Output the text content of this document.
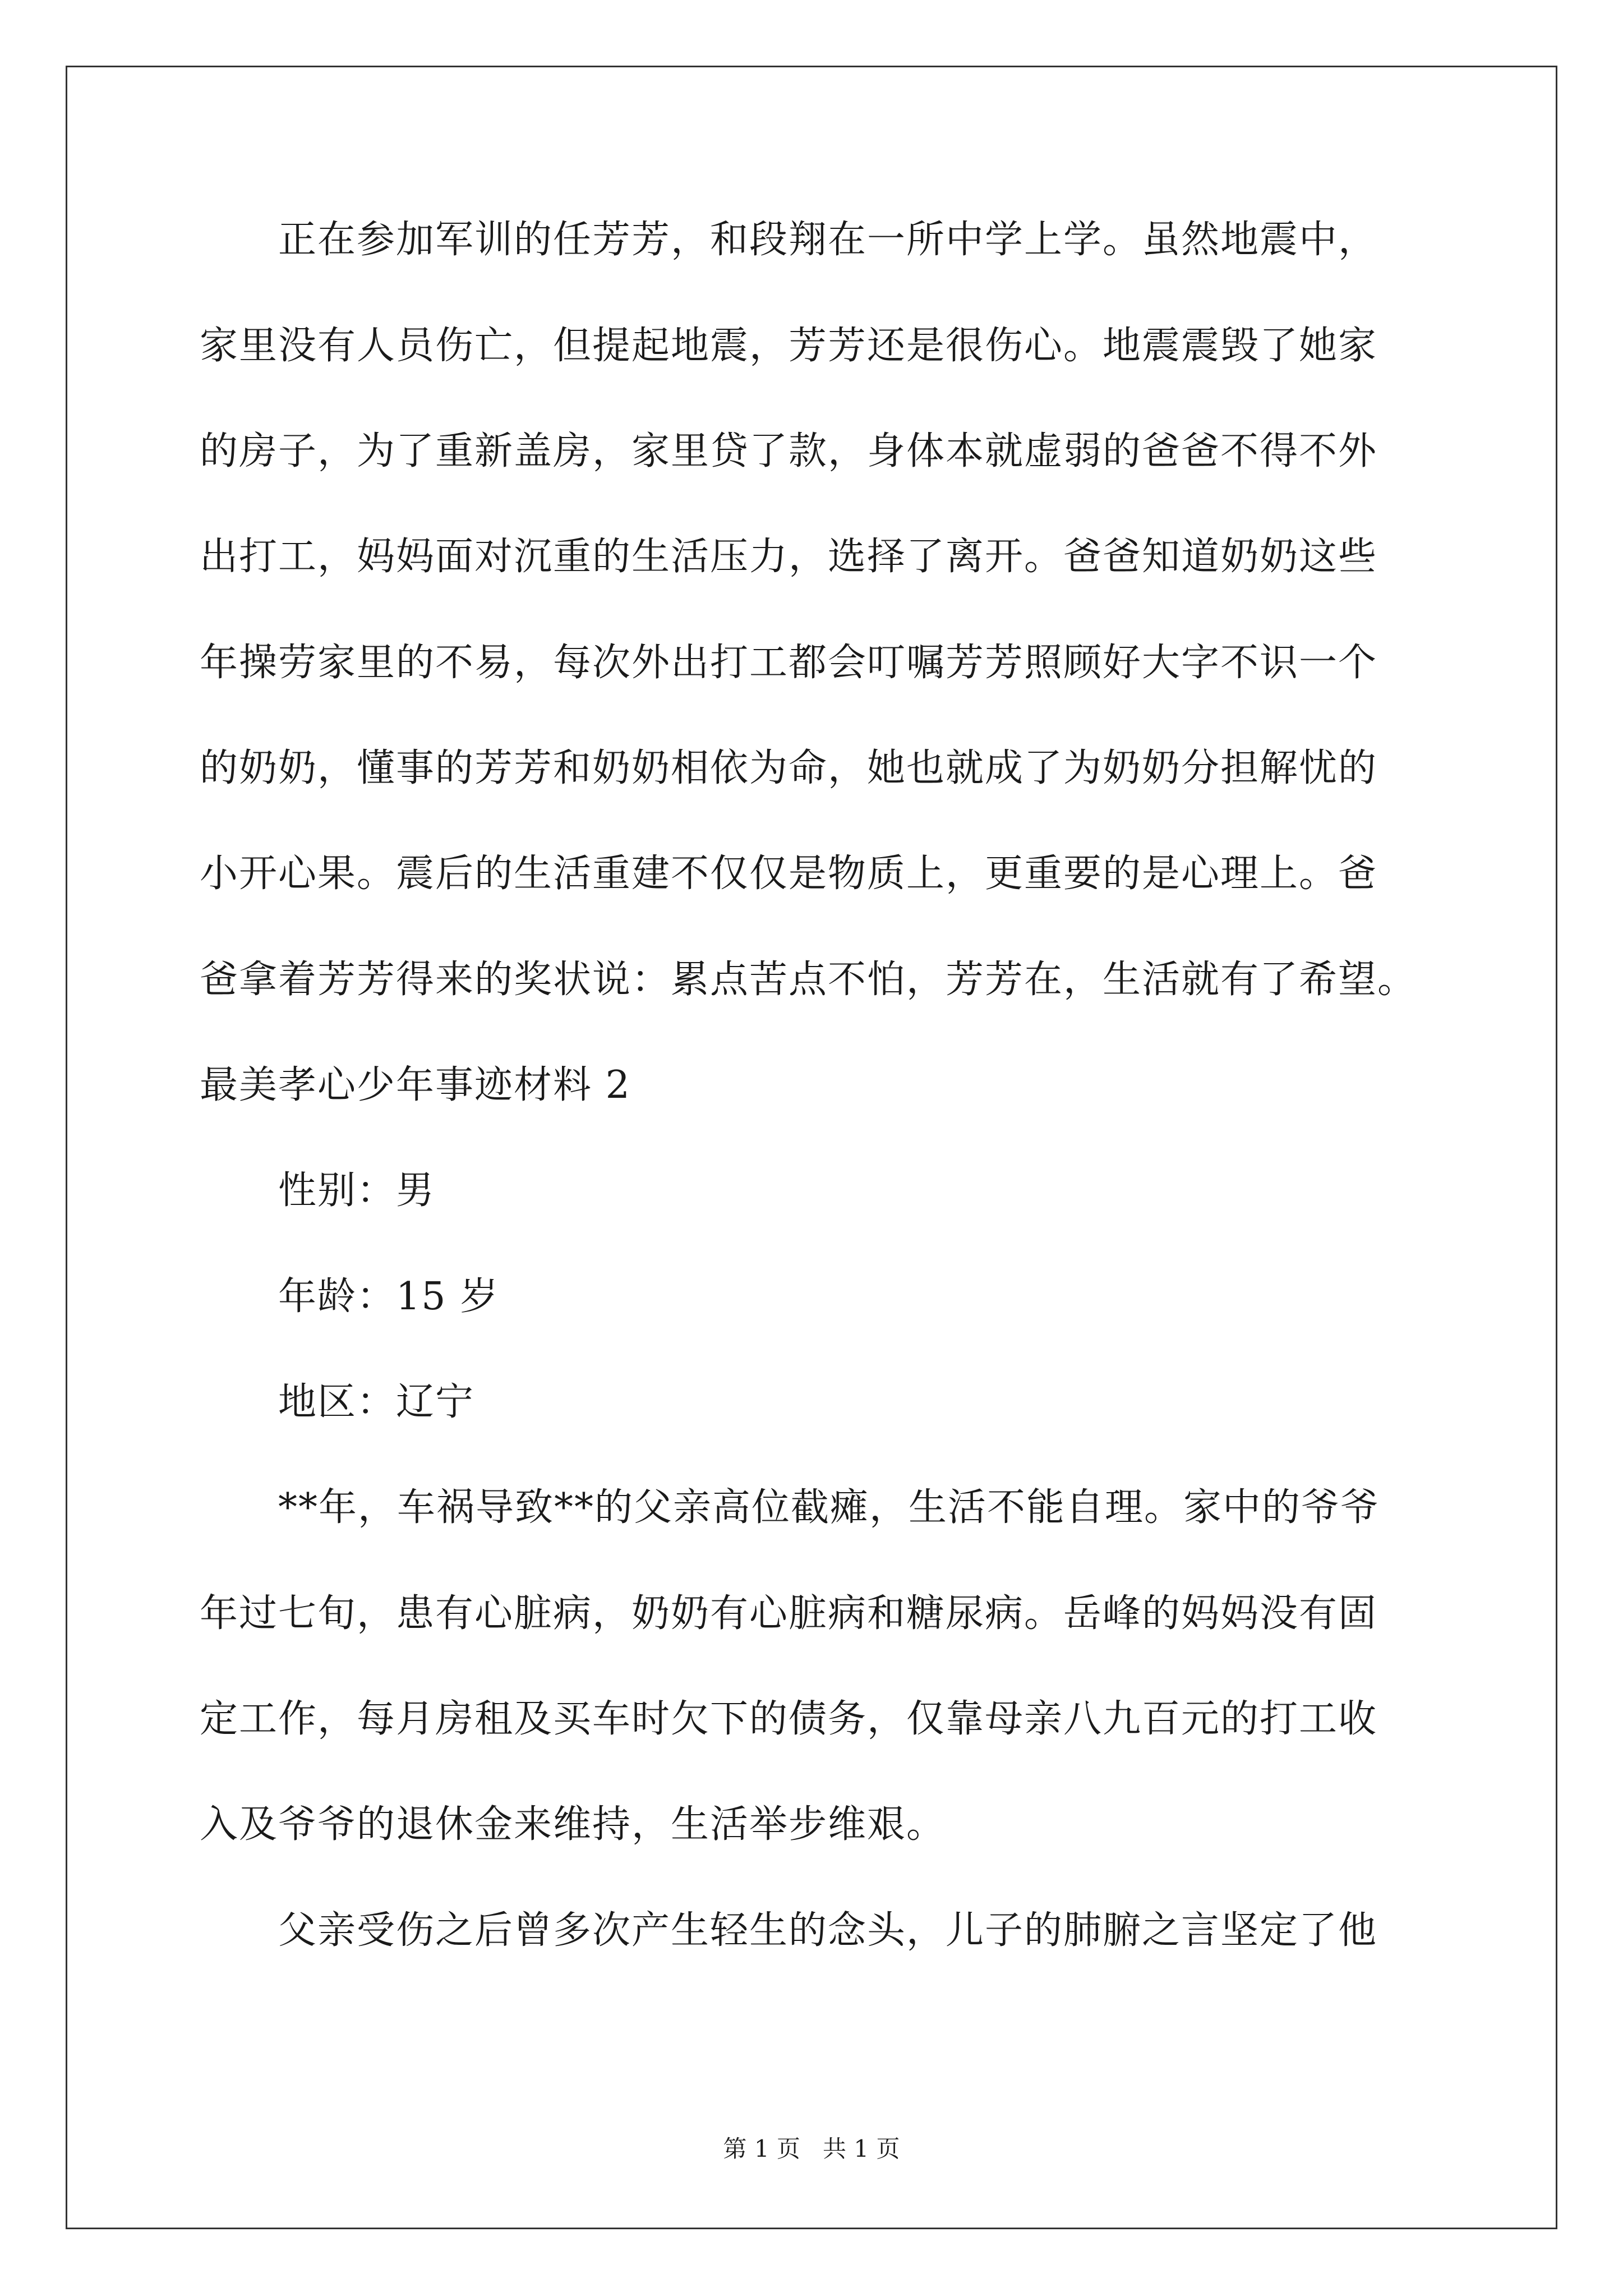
正在参加军训的任芳芳，和段翔在一所中学上学。虽然地震中，
家里没有人员伤亡，但提起地震，芳芳还是很伤心。地震震毁了她家
的房子，为了重新盖房，家里贷了款，身体本就虚弱的爸爸不得不外
出打工，妈妈面对沉重的生活压力，选择了离开。爸爸知道奶奶这些
年操劳家里的不易，每次外出打工都会叮嘱芳芳照顾好大字不识一个
的奶奶，懂事的芳芳和奶奶相依为命，她也就成了为奶奶分担解忧的
小开心果。震后的生活重建不仅仅是物质上，更重要的是心理上。爸
爸拿着芳芳得来的奖状说：累点苦点不怕，芳芳在，生活就有了希望。
最美孝心少年事迹材料 2
性别：男
年龄：15 岁
地区：辽宁
**年，车祸导致**的父亲高位截瘫，生活不能自理。家中的爷爷
年过七旬，患有心脏病，奶奶有心脏病和糖尿病。岳峰的妈妈没有固
定工作，每月房租及买车时欠下的债务，仅靠母亲八九百元的打工收
入及爷爷的退休金来维持，生活举步维艰。
父亲受伤之后曾多次产生轻生的念头，儿子的肺腑之言坚定了他
第 1 页   共 1 页
